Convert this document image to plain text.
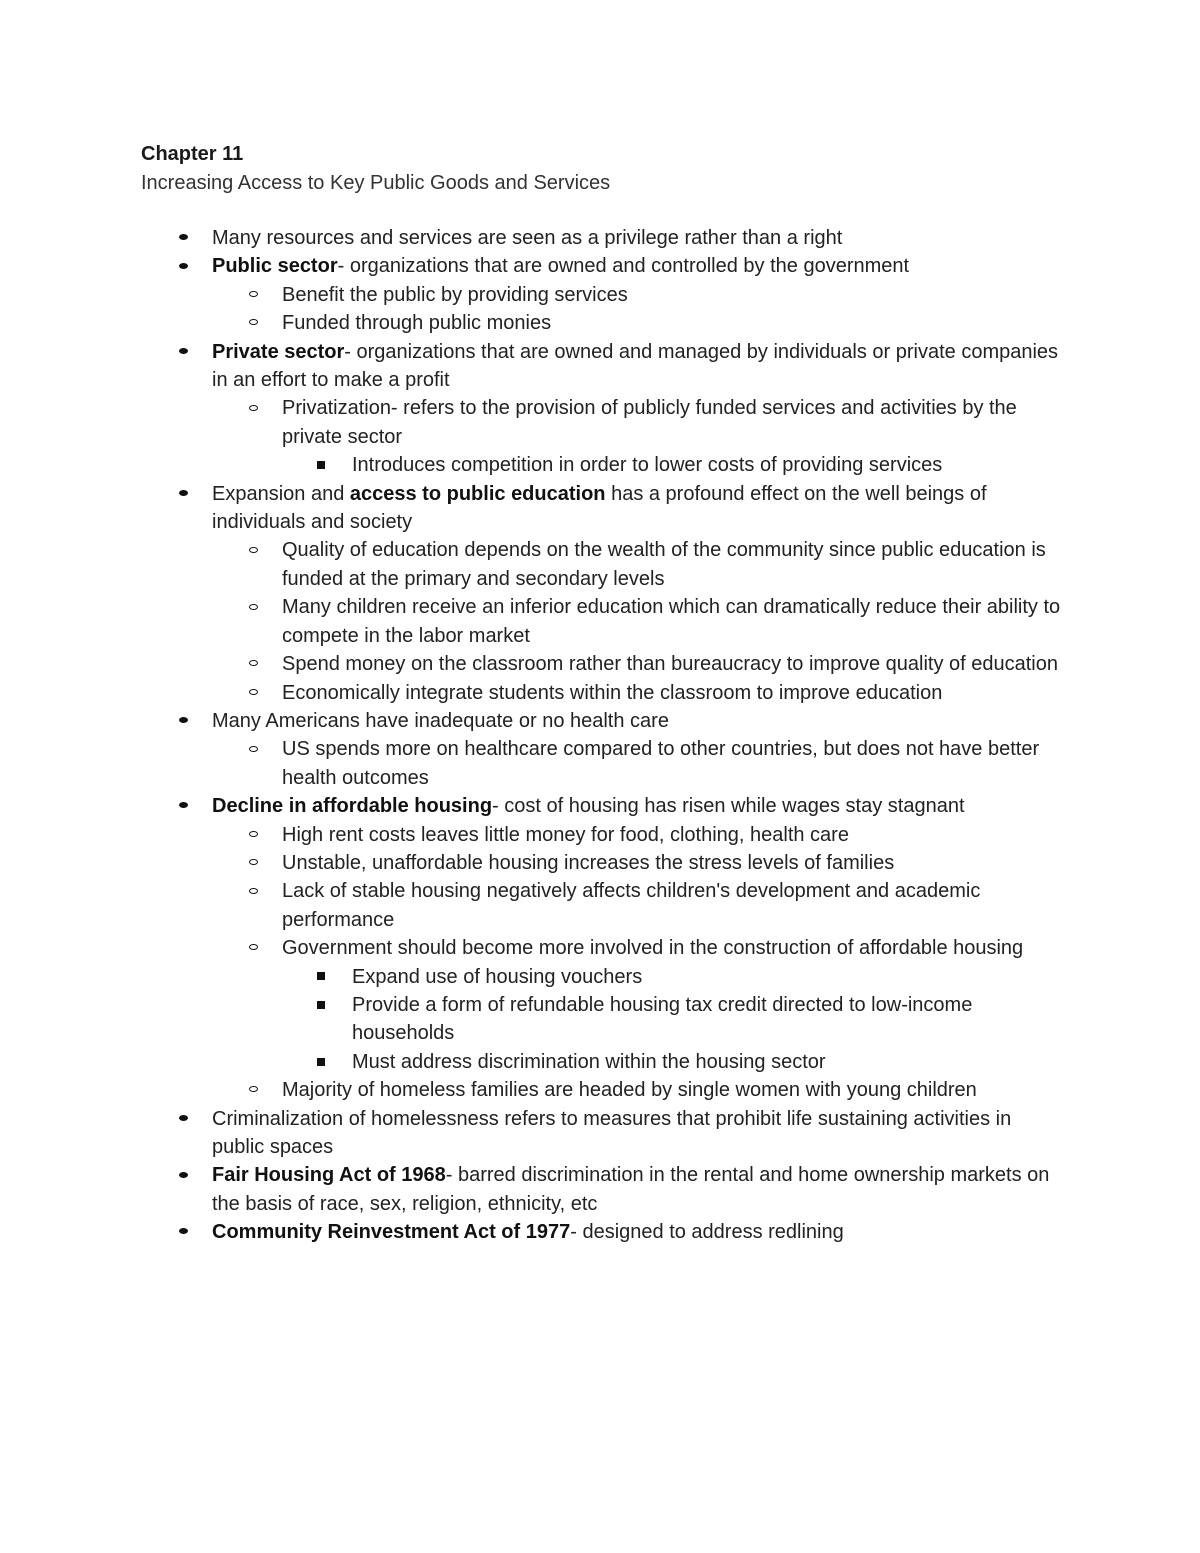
Chapter 11

Increasing Access to Key Public Goods and Services

Many resources and services are seen as a privilege rather than a right
Public sector- organizations that are owned and controlled by the government
Benefit the public by providing services
Funded through public monies
Private sector- organizations that are owned and managed by individuals or private companies in an effort to make a profit
Privatization- refers to the provision of publicly funded services and activities by the private sector
Introduces competition in order to lower costs of providing services
Expansion and access to public education has a profound effect on the well beings of individuals and society
Quality of education depends on the wealth of the community since public education is funded at the primary and secondary levels
Many children receive an inferior education which can dramatically reduce their ability to compete in the labor market
Spend money on the classroom rather than bureaucracy to improve quality of education
Economically integrate students within the classroom to improve education
Many Americans have inadequate or no health care
US spends more on healthcare compared to other countries, but does not have better health outcomes
Decline in affordable housing- cost of housing has risen while wages stay stagnant
High rent costs leaves little money for food, clothing, health care
Unstable, unaffordable housing increases the stress levels of families
Lack of stable housing negatively affects children's development and academic performance
Government should become more involved in the construction of affordable housing
Expand use of housing vouchers
Provide a form of refundable housing tax credit directed to low-income households
Must address discrimination within the housing sector
Majority of homeless families are headed by single women with young children
Criminalization of homelessness refers to measures that prohibit life sustaining activities in public spaces
Fair Housing Act of 1968- barred discrimination in the rental and home ownership markets on the basis of race, sex, religion, ethnicity, etc
Community Reinvestment Act of 1977- designed to address redlining
